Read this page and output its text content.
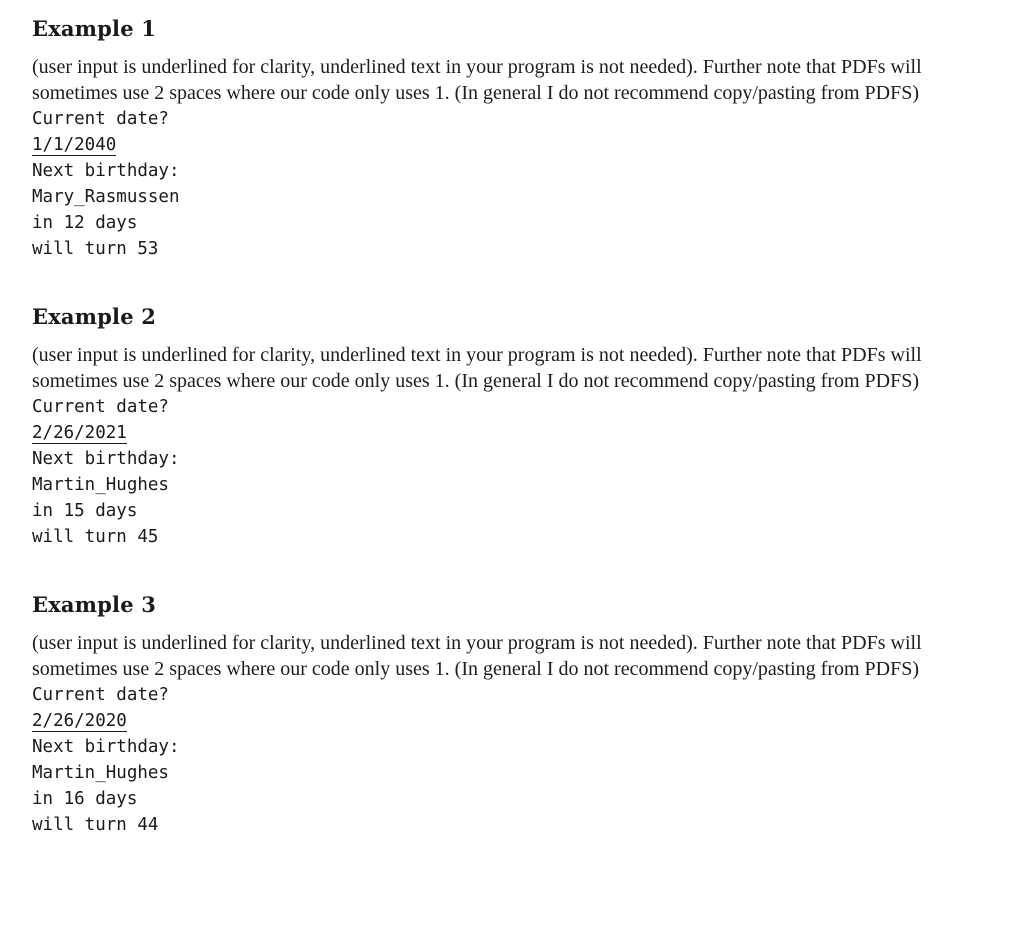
Example 1

(user input is underlined for clarity, underlined text in your program is not needed). Further note that PDFs will sometimes use 2 spaces where our code only uses 1. (In general I do not recommend copy/pasting from PDFS)

Current date?
1/1/2040
Next birthday:
Mary_Rasmussen
in 12 days
will turn 53
Example 2

(user input is underlined for clarity, underlined text in your program is not needed). Further note that PDFs will sometimes use 2 spaces where our code only uses 1. (In general I do not recommend copy/pasting from PDFS)

Current date?
2/26/2021
Next birthday:
Martin_Hughes
in 15 days
will turn 45
Example 3

(user input is underlined for clarity, underlined text in your program is not needed). Further note that PDFs will sometimes use 2 spaces where our code only uses 1. (In general I do not recommend copy/pasting from PDFS)

Current date?
2/26/2020
Next birthday:
Martin_Hughes
in 16 days
will turn 44
